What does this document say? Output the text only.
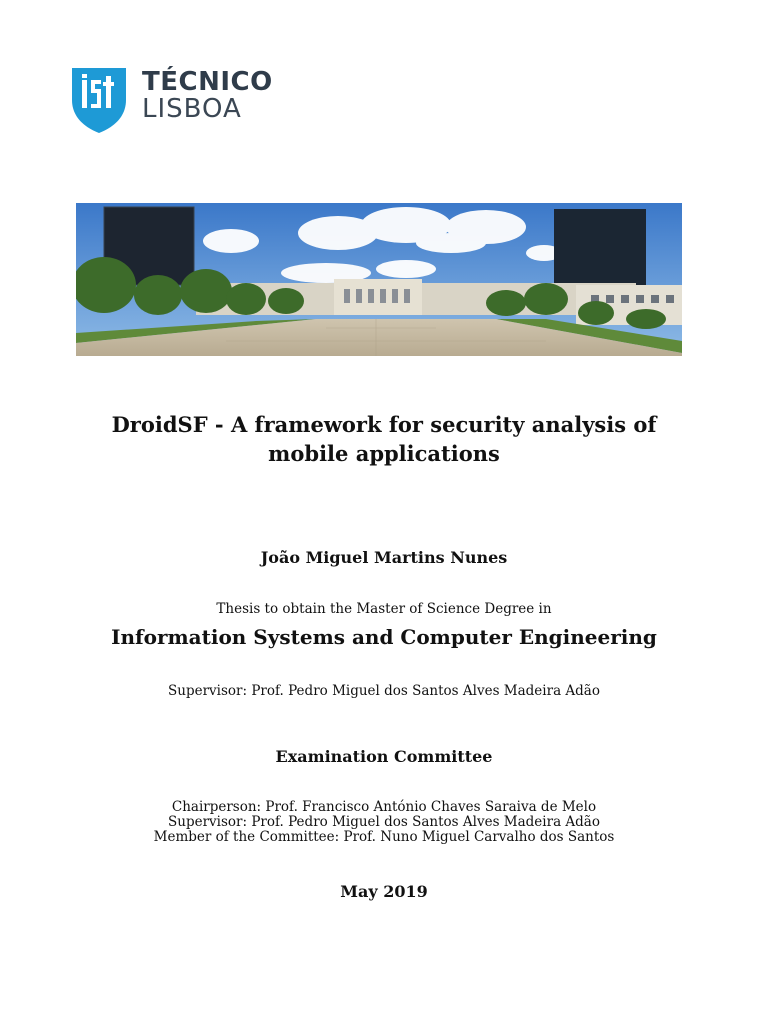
TÉCNICO
LISBOA
DroidSF - A framework for security analysis of
mobile applications
João Miguel Martins Nunes
Thesis to obtain the Master of Science Degree in
Information Systems and Computer Engineering
Supervisor: Prof. Pedro Miguel dos Santos Alves Madeira Adão
Examination Committee
Chairperson: Prof. Francisco António Chaves Saraiva de Melo
Supervisor: Prof. Pedro Miguel dos Santos Alves Madeira Adão
Member of the Committee: Prof. Nuno Miguel Carvalho dos Santos
May 2019
